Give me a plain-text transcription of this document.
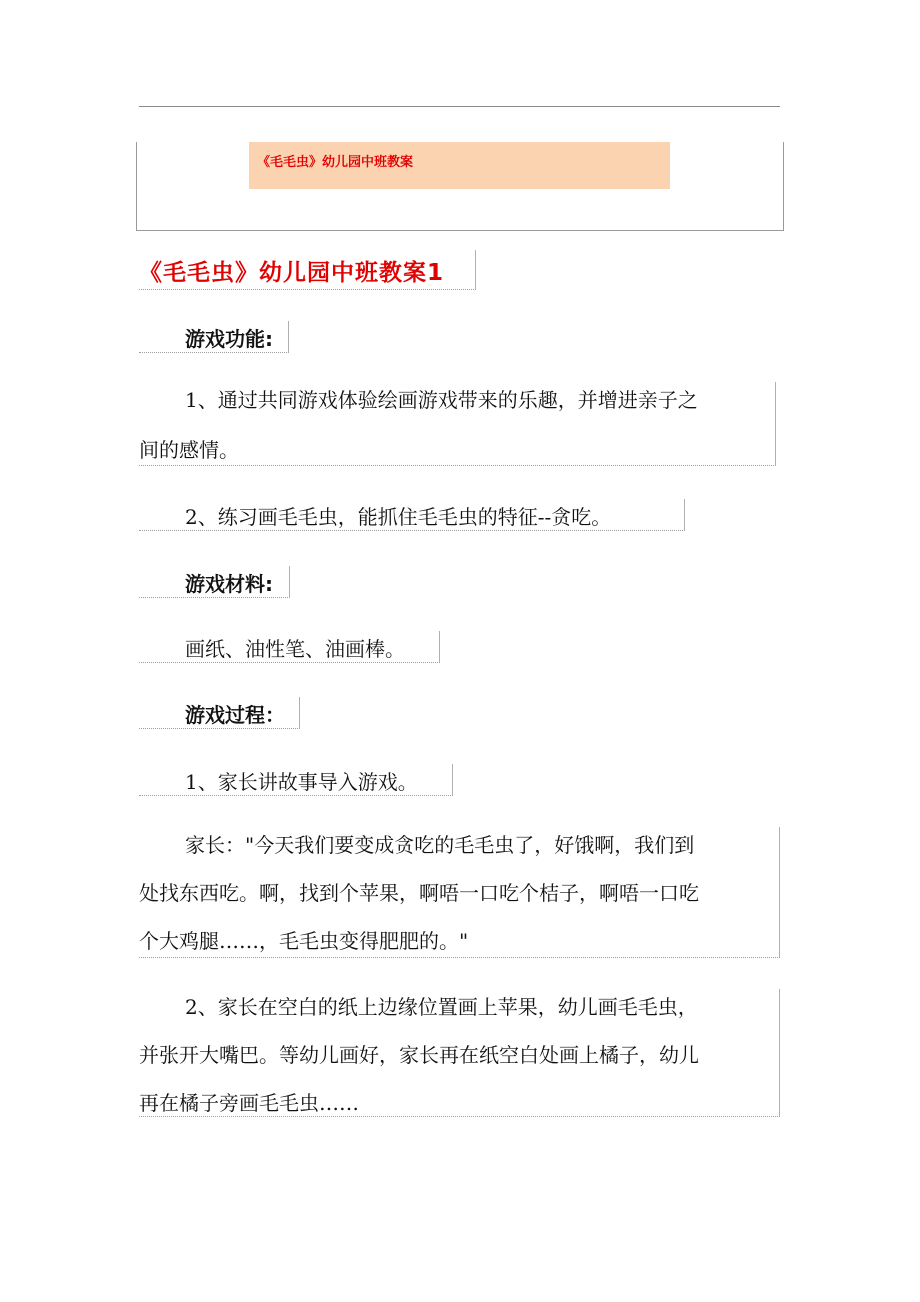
《毛毛虫》幼儿园中班教案
《毛毛虫》幼儿园中班教案1
游戏功能:
1、通过共同游戏体验绘画游戏带来的乐趣，并增进亲子之
间的感情。
2、练习画毛毛虫，能抓住毛毛虫的特征--贪吃。
游戏材料:
画纸、油性笔、油画棒。
游戏过程：
1、家长讲故事导入游戏。
家长："今天我们要变成贪吃的毛毛虫了，好饿啊，我们到
处找东西吃。啊，找到个苹果，啊唔一口吃个桔子，啊唔一口吃
个大鸡腿……，毛毛虫变得肥肥的。"
2、家长在空白的纸上边缘位置画上苹果，幼儿画毛毛虫，
并张开大嘴巴。等幼儿画好，家长再在纸空白处画上橘子，幼儿
再在橘子旁画毛毛虫……
